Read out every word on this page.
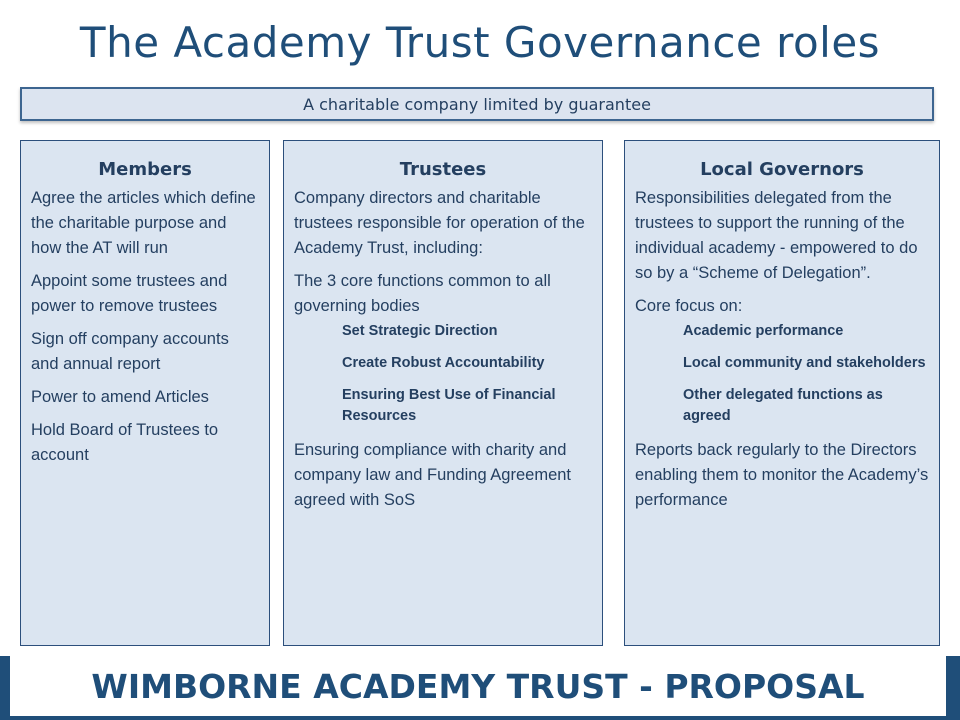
The Academy Trust Governance roles
A charitable company limited by guarantee
Members

Agree the articles which define the charitable purpose and how the AT will run

Appoint some trustees and power to remove trustees

Sign off company accounts and annual report

Power to amend Articles

Hold Board of Trustees to account

Trustees

Company directors and charitable trustees responsible for operation of the Academy Trust, including:

The 3 core functions common to all governing bodies

Set Strategic Direction
Create Robust Accountability
Ensuring Best Use of Financial Resources

Ensuring compliance with charity and company law and Funding Agreement agreed with SoS

Local Governors

Responsibilities delegated from the trustees to support the running of the individual academy - empowered to do so by a “Scheme of Delegation”.

Core focus on:

Academic performance
Local community and stakeholders
Other delegated functions as agreed

Reports back regularly to the Directors enabling them to monitor the Academy’s performance

WIMBORNE ACADEMY TRUST - PROPOSAL
